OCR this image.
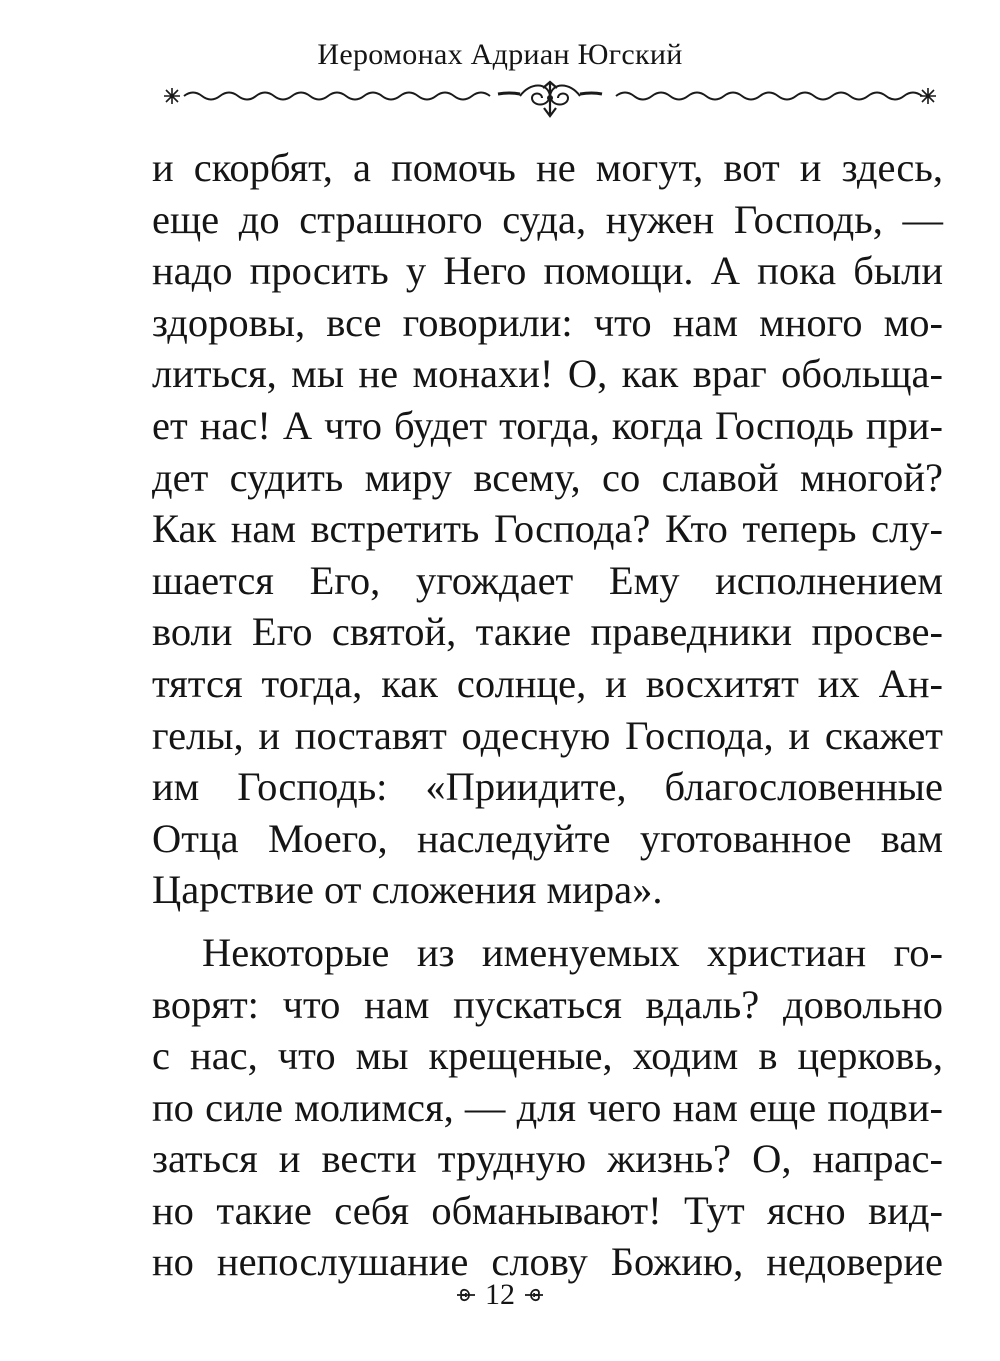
Иеромонах Адриан Югский
и скорбят, а помочь не могут, вот и здесь,
еще до страшного суда, нужен Господь, —
надо просить у Него помощи. А пока были
здоровы, все говорили: что нам много мо-
литься, мы не монахи! О, как враг обольща-
ет нас! А что будет тогда, когда Господь при-
дет судить миру всему, со славой многой?
Как нам встретить Господа? Кто теперь слу-
шается Его, угождает Ему исполнением
воли Его святой, такие праведники просве-
тятся тогда, как солнце, и восхитят их Ан-
гелы, и поставят одесную Господа, и скажет
им Господь: «Приидите, благословенные
Отца Моего, наследуйте уготованное вам
Царствие от сложения мира».
Некоторые из именуемых христиан го-
ворят: что нам пускаться вдаль? довольно
с нас, что мы крещеные, ходим в церковь,
по силе молимся, — для чего нам еще подви-
заться и вести трудную жизнь? О, напрас-
но такие себя обманывают! Тут ясно вид-
но непослушание слову Божию, недоверие
12
